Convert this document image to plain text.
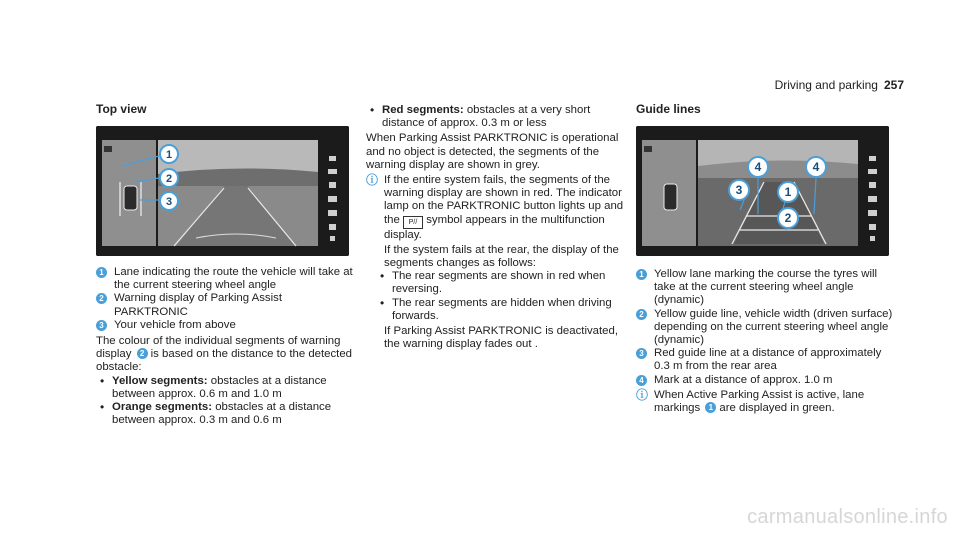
Driving and parking 257
Top view
1
2
3
1 Lane indicating the route the vehicle will take at the current steering wheel angle
2 Warning display of Parking Assist PARKTRONIC
3 Your vehicle from above
The colour of the individual segments of warning display 2 is based on the distance to the detected obstacle:
• Yellow segments: obstacles at a distance between approx. 0.6 m and 1.0 m
• Orange segments: obstacles at a distance between approx. 0.3 m and 0.6 m
• Red segments: obstacles at a very short distance of approx. 0.3 m or less
When Parking Assist PARKTRONIC is operational and no object is detected, the segments of the warning display are shown in grey.
ⓘ If the entire system fails, the segments of the warning display are shown in red. The indicator lamp on the PARKTRONIC button lights up and the P// symbol appears in the multifunction display.
If the system fails at the rear, the display of the segments changes as follows:
• The rear segments are shown in red when reversing.
• The rear segments are hidden when driving forwards.
If Parking Assist PARKTRONIC is deactivated, the warning display fades out .
Guide lines
4	4
3	1
2
1 Yellow lane marking the course the tyres will take at the current steering wheel angle (dynamic)
2 Yellow guide line, vehicle width (driven surface) depending on the current steering wheel angle (dynamic)
3 Red guide line at a distance of approximately 0.3 m from the rear area
4 Mark at a distance of approx. 1.0 m
ⓘ When Active Parking Assist is active, lane markings 1 are displayed in green.
carmanualsonline.info
